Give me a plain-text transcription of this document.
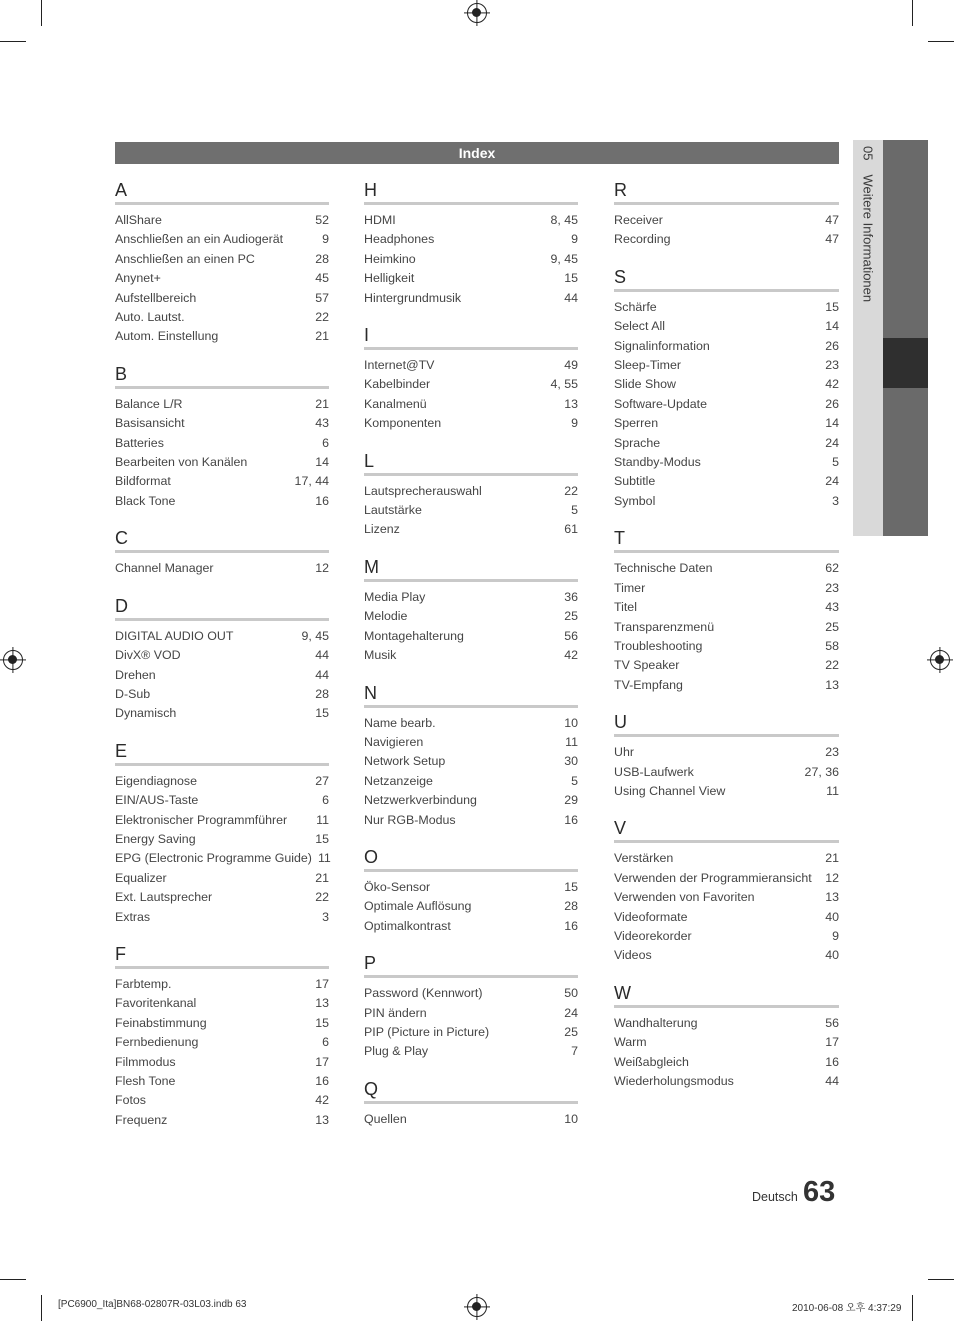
Index	05Weitere Informationen
A
AllShare	52
Anschließen an ein Audiogerät	9
Anschließen an einen PC	28
Anynet+	45
Aufstellbereich	57
Auto. Lautst.	22
Autom. Einstellung	21
B
Balance L/R	21
Basisansicht	43
Batteries	6
Bearbeiten von Kanälen	14
Bildformat	17, 44
Black Tone	16
C
Channel Manager	12
D
DIGITAL AUDIO OUT	9, 45
DivX® VOD	44
Drehen	44
D-Sub	28
Dynamisch	15
E
Eigendiagnose	27
EIN/AUS-Taste	6
Elektronischer Programmführer	11
Energy Saving	15
EPG (Electronic Programme Guide) 11
Equalizer	21
Ext. Lautsprecher	22
Extras	3
F
Farbtemp.	17
Favoritenkanal	13
Feinabstimmung	15
Fernbedienung	6
Filmmodus	17
Flesh Tone	16
Fotos	42
Frequenz	13
H
HDMI	8, 45
Headphones	9
Heimkino	9, 45
Helligkeit	15
Hintergrundmusik	44
I
Internet@TV	49
Kabelbinder	4, 55
Kanalmenü	13
Komponenten	9
L
Lautsprecherauswahl	22
Lautstärke	5
Lizenz	61
M
Media Play	36
Melodie	25
Montagehalterung	56
Musik	42
N
Name bearb.	10
Navigieren	11
Network Setup	30
Netzanzeige	5
Netzwerkverbindung	29
Nur RGB-Modus	16
O
Öko-Sensor	15
Optimale Auflösung	28
Optimalkontrast	16
P
Password (Kennwort)	50
PIN ändern	24
PIP (Picture in Picture)	25
Plug & Play	7
Q
Quellen	10
R
Receiver	47
Recording	47
S
Schärfe	15
Select All	14
Signalinformation	26
Sleep-Timer	23
Slide Show	42
Software-Update	26
Sperren	14
Sprache	24
Standby-Modus	5
Subtitle	24
Symbol	3
T
Technische Daten	62
Timer	23
Titel	43
Transparenzmenü	25
Troubleshooting	58
TV Speaker	22
TV-Empfang	13
U
Uhr	23
USB-Laufwerk	27, 36
Using Channel View	11
V
Verstärken	21
Verwenden der Programmieransicht	12
Verwenden von Favoriten	13
Videoformate	40
Videorekorder	9
Videos	40
W
Wandhalterung	56
Warm	17
Weißabgleich	16
Wiederholungsmodus	44
Deutsch 63
[PC6900_Ita]BN68-02807R-03L03.indb 63	2010-06-08 오후 4:37:29
